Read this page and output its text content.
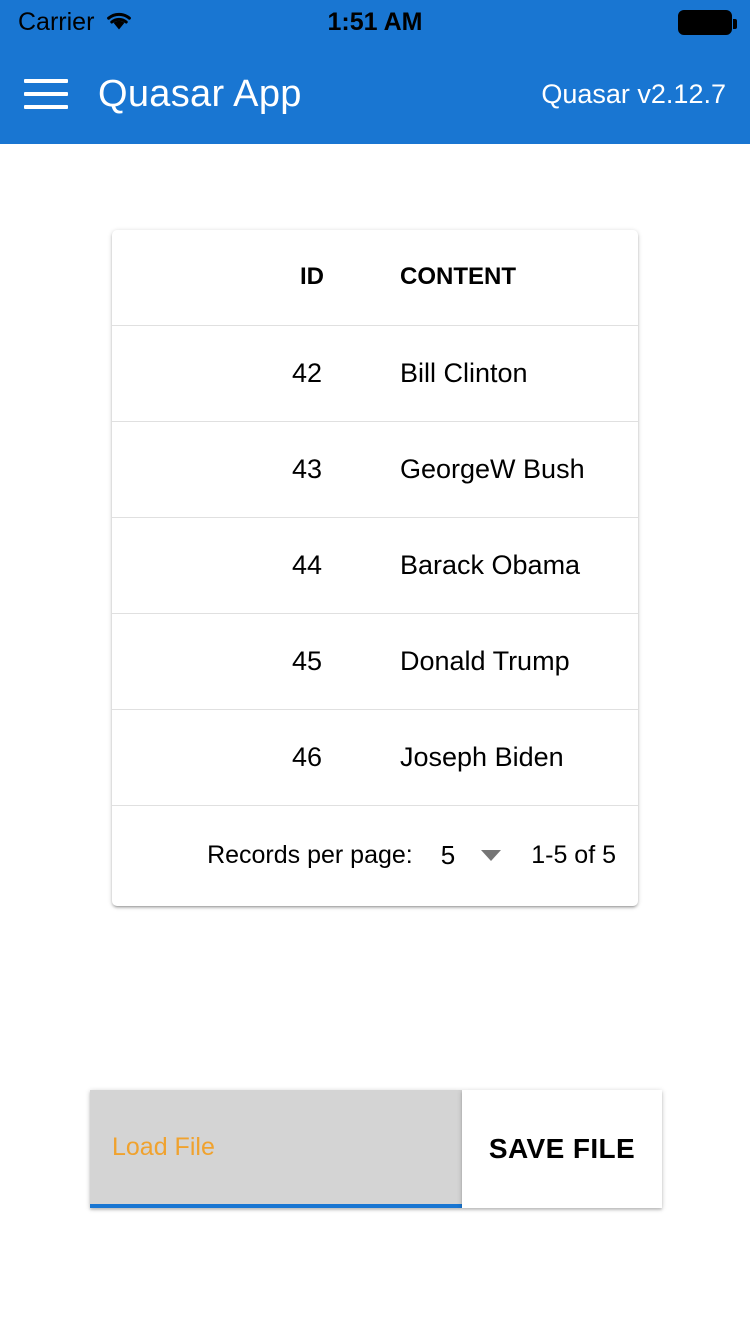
Carrier	1:51 AM
Quasar App	Quasar v2.12.7
ID	CONTENT
42	Bill Clinton
43	GeorgeW Bush
44	Barack Obama
45	Donald Trump
46	Joseph Biden
Records per page: 5	1-5 of 5
Load File	SAVE FILE
